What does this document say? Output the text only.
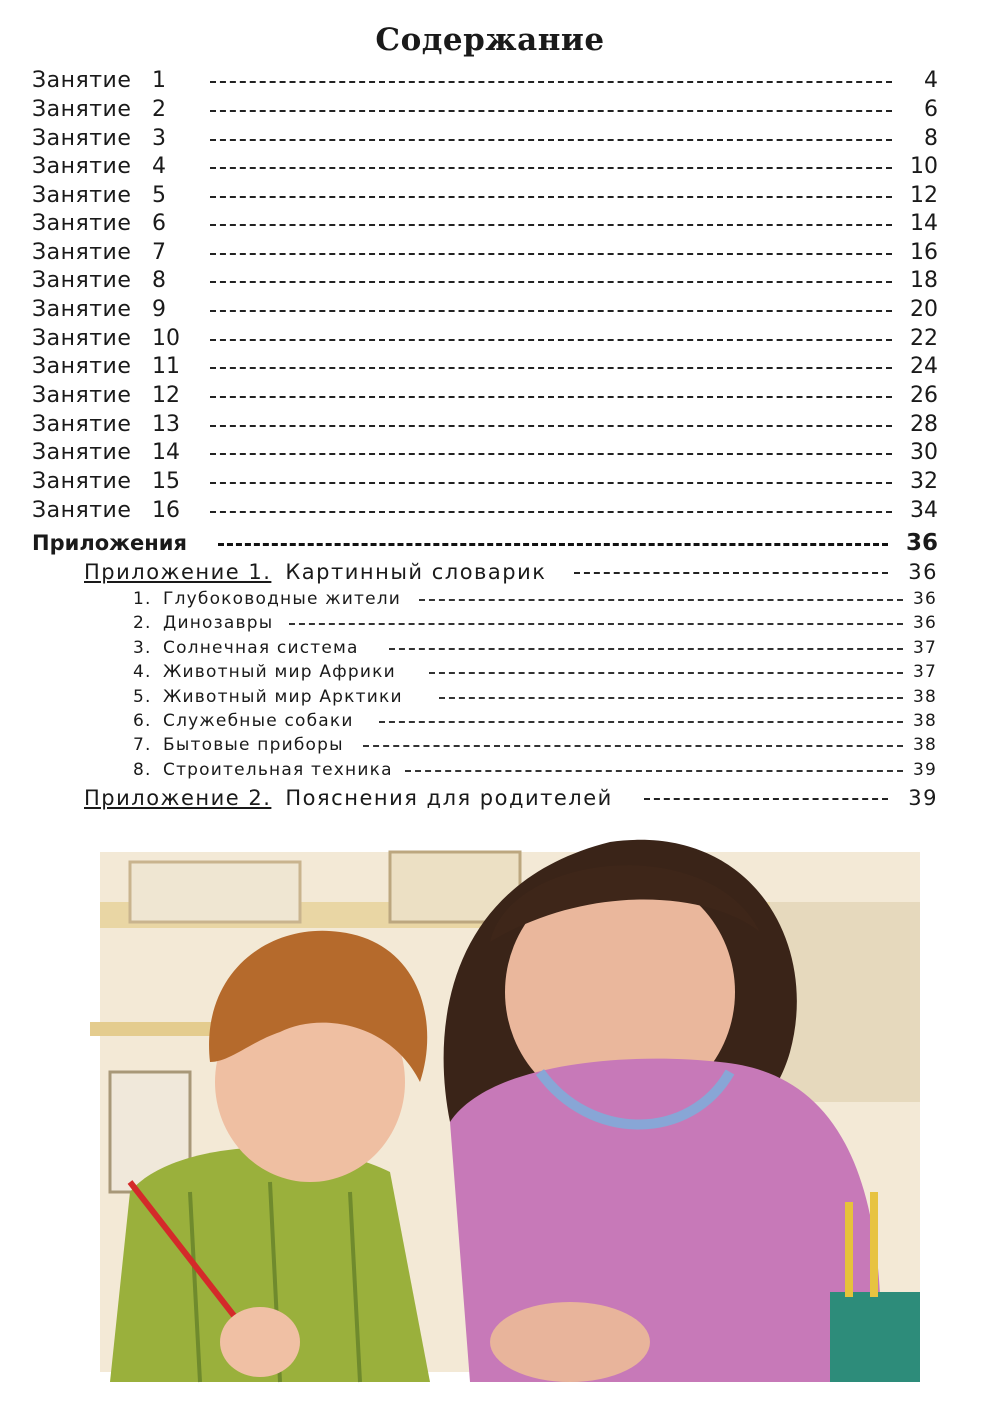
Содержание
Занятие 1	4
Занятие 2	6
Занятие 3	8
Занятие 4	10
Занятие 5	12
Занятие 6	14
Занятие 7	16
Занятие 8	18
Занятие 9	20
Занятие 10	22
Занятие 11	24
Занятие 12	26
Занятие 13	28
Занятие 14	30
Занятие 15	32
Занятие 16	34
Приложения	36
Приложение 1. Картинный словарик	36
1. Глубоководные жители	36
2. Динозавры	36
3. Солнечная система	37
4. Животный мир Африки	37
5. Животный мир Арктики	38
6. Служебные собаки	38
7. Бытовые приборы	38
8. Строительная техника	39
Приложение 2. Пояснения для родителей	39
